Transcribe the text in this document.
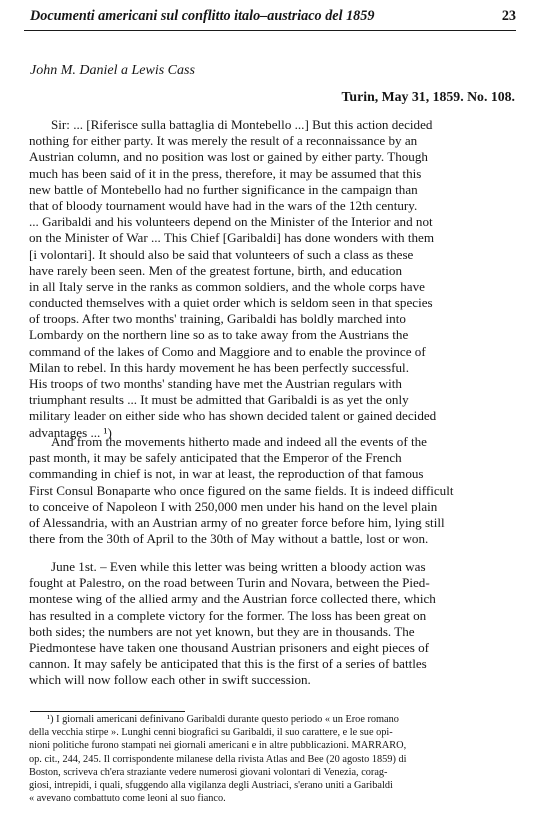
Documenti americani sul conflitto italo–austriaco del 1859	23
John M. Daniel a Lewis Cass
Turin, May 31, 1859. No. 108.
Sir: ... [Riferisce sulla battaglia di Montebello ...] But this action decided
nothing for either party. It was merely the result of a reconnaissance by an
Austrian column, and no position was lost or gained by either party. Though
much has been said of it in the press, therefore, it may be assumed that this
new battle of Montebello had no further significance in the campaign than
that of bloody tournament would have had in the wars of the 12th century.
... Garibaldi and his volunteers depend on the Minister of the Interior and not
on the Minister of War ... This Chief [Garibaldi] has done wonders with them
[i volontari]. It should also be said that volunteers of such a class as these
have rarely been seen. Men of the greatest fortune, birth, and education
in all Italy serve in the ranks as common soldiers, and the whole corps have
conducted themselves with a quiet order which is seldom seen in that species
of troops. After two months' training, Garibaldi has boldly marched into
Lombardy on the northern line so as to take away from the Austrians the
command of the lakes of Como and Maggiore and to enable the province of
Milan to rebel. In this hardy movement he has been perfectly successful.
His troops of two months' standing have met the Austrian regulars with
triumphant results ... It must be admitted that Garibaldi is as yet the only
military leader on either side who has shown decided talent or gained decided
advantages ... ¹)
And from the movements hitherto made and indeed all the events of the
past month, it may be safely anticipated that the Emperor of the French
commanding in chief is not, in war at least, the reproduction of that famous
First Consul Bonaparte who once figured on the same fields. It is indeed difficult
to conceive of Napoleon I with 250,000 men under his hand on the level plain
of Alessandria, with an Austrian army of no greater force before him, lying still
there from the 30th of April to the 30th of May without a battle, lost or won.
June 1st. – Even while this letter was being written a bloody action was
fought at Palestro, on the road between Turin and Novara, between the Pied-
montese wing of the allied army and the Austrian force collected there, which
has resulted in a complete victory for the former. The loss has been great on
both sides; the numbers are not yet known, but they are in thousands. The
Piedmontese have taken one thousand Austrian prisoners and eight pieces of
cannon. It may safely be anticipated that this is the first of a series of battles
which will now follow each other in swift succession.
¹) I giornali americani definivano Garibaldi durante questo periodo « un Eroe romano
della vecchia stirpe ». Lunghi cenni biografici su Garibaldi, il suo carattere, e le sue opi-
nioni politiche furono stampati nei giornali americani e in altre pubblicazioni. MARRARO,
op. cit., 244, 245. Il corrispondente milanese della rivista Atlas and Bee (20 agosto 1859) di
Boston, scriveva ch'era straziante vedere numerosi giovani volontari di Venezia, corag-
giosi, intrepidi, i quali, sfuggendo alla vigilanza degli Austriaci, s'erano uniti a Garibaldi
« avevano combattuto come leoni al suo fianco.
